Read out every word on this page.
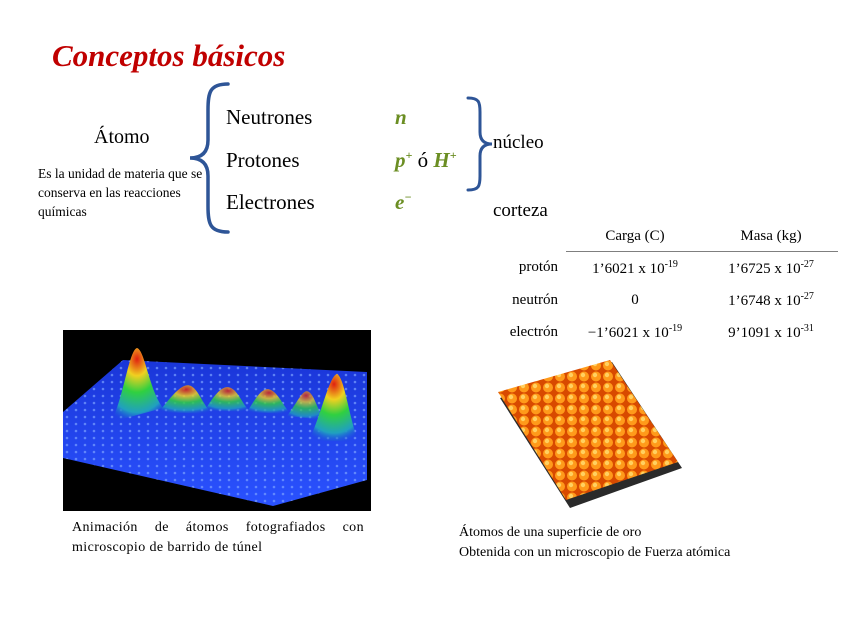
Conceptos básicos
Átomo
Es la unidad de materia que se conserva en las reacciones químicas
Neutrones
Protones
Electrones
n
p+ ó H+
e−
núcleo
corteza
	Carga (C)	Masa (kg)
protón	1’6021 x $10^{-19}$	1’6725 x $10^{-27}$
neutrón	0	1’6748 x $10^{-27}$
electrón	−1’6021 x $10^{-19}$	9’1091 x $10^{-31}$
Animación de átomos fotografiados con microscopio de barrido de túnel
Átomos de una superficie de oro
Obtenida con un microscopio de Fuerza atómica
